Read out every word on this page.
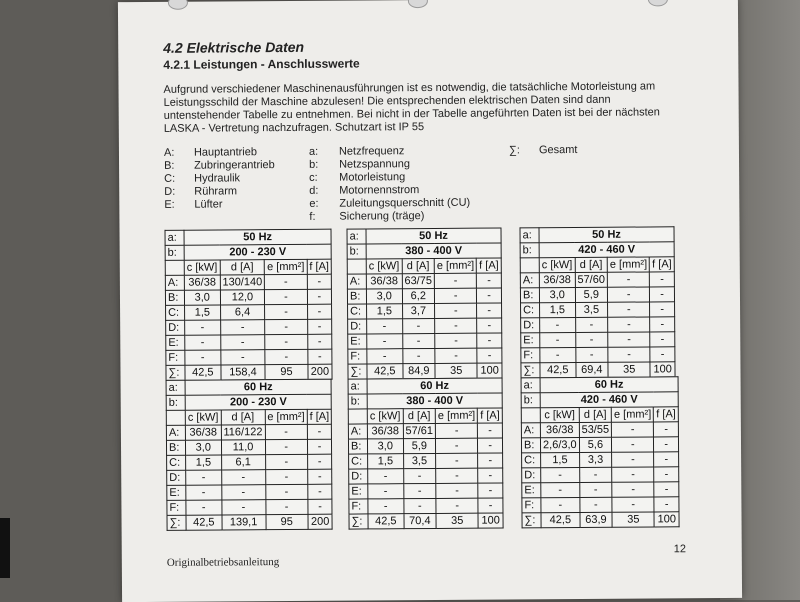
4.2 Elektrische Daten
4.2.1 Leistungen - Anschlusswerte
Aufgrund verschiedener Maschinenausführungen ist es notwendig, die tatsächliche Motorleistung am Leistungsschild der Maschine abzulesen! Die entsprechenden elektrischen Daten sind dann untenstehender Tabelle zu entnehmen. Bei nicht in der Tabelle angeführten Daten ist bei der nächsten LASKA - Vertretung nachzufragen. Schutzart ist IP 55
A: Hauptantrieb
B: Zubringerantrieb
C: Hydraulik
D: Rührarm
E: Lüfter
a: Netzfrequenz
b: Netzspannung
c: Motorleistung
d: Motornennstrom
e: Zuleitungsquerschnitt (CU)
f: Sicherung (träge)
∑: Gesamt
a:	50 Hz			
b:	200 - 230 V			
	c [kW]	d [A]	e [mm²]	f [A]
A:	36/38	130/140	-	-
B:	3,0	12,0	-	-
C:	1,5	6,4	-	-
D:	-	-	-	-
E:	-	-	-	-
F:	-	-	-	-
∑:	42,5	158,4	95	200
a:	50 Hz			
b:	380 - 400 V			
	c [kW]	d [A]	e [mm²]	f [A]
A:	36/38	63/75	-	-
B:	3,0	6,2	-	-
C:	1,5	3,7	-	-
D:	-	-	-	-
E:	-	-	-	-
F:	-	-	-	-
∑:	42,5	84,9	35	100
a:	50 Hz			
b:	420 - 460 V			
	c [kW]	d [A]	e [mm²]	f [A]
A:	36/38	57/60	-	-
B:	3,0	5,9	-	-
C:	1,5	3,5	-	-
D:	-	-	-	-
E:	-	-	-	-
F:	-	-	-	-
∑:	42,5	69,4	35	100
a:	60 Hz			
b:	200 - 230 V			
	c [kW]	d [A]	e [mm²]	f [A]
A:	36/38	116/122	-	-
B:	3,0	11,0	-	-
C:	1,5	6,1	-	-
D:	-	-	-	-
E:	-	-	-	-
F:	-	-	-	-
∑:	42,5	139,1	95	200
a:	60 Hz			
b:	380 - 400 V			
	c [kW]	d [A]	e [mm²]	f [A]
A:	36/38	57/61	-	-
B:	3,0	5,9	-	-
C:	1,5	3,5	-	-
D:	-	-	-	-
E:	-	-	-	-
F:	-	-	-	-
∑:	42,5	70,4	35	100
a:	60 Hz			
b:	420 - 460 V			
	c [kW]	d [A]	e [mm²]	f [A]
A:	36/38	53/55	-	-
B:	2,6/3,0	5,6	-	-
C:	1,5	3,3	-	-
D:	-	-	-	-
E:	-	-	-	-
F:	-	-	-	-
∑:	42,5	63,9	35	100
Originalbetriebsanleitung
12
